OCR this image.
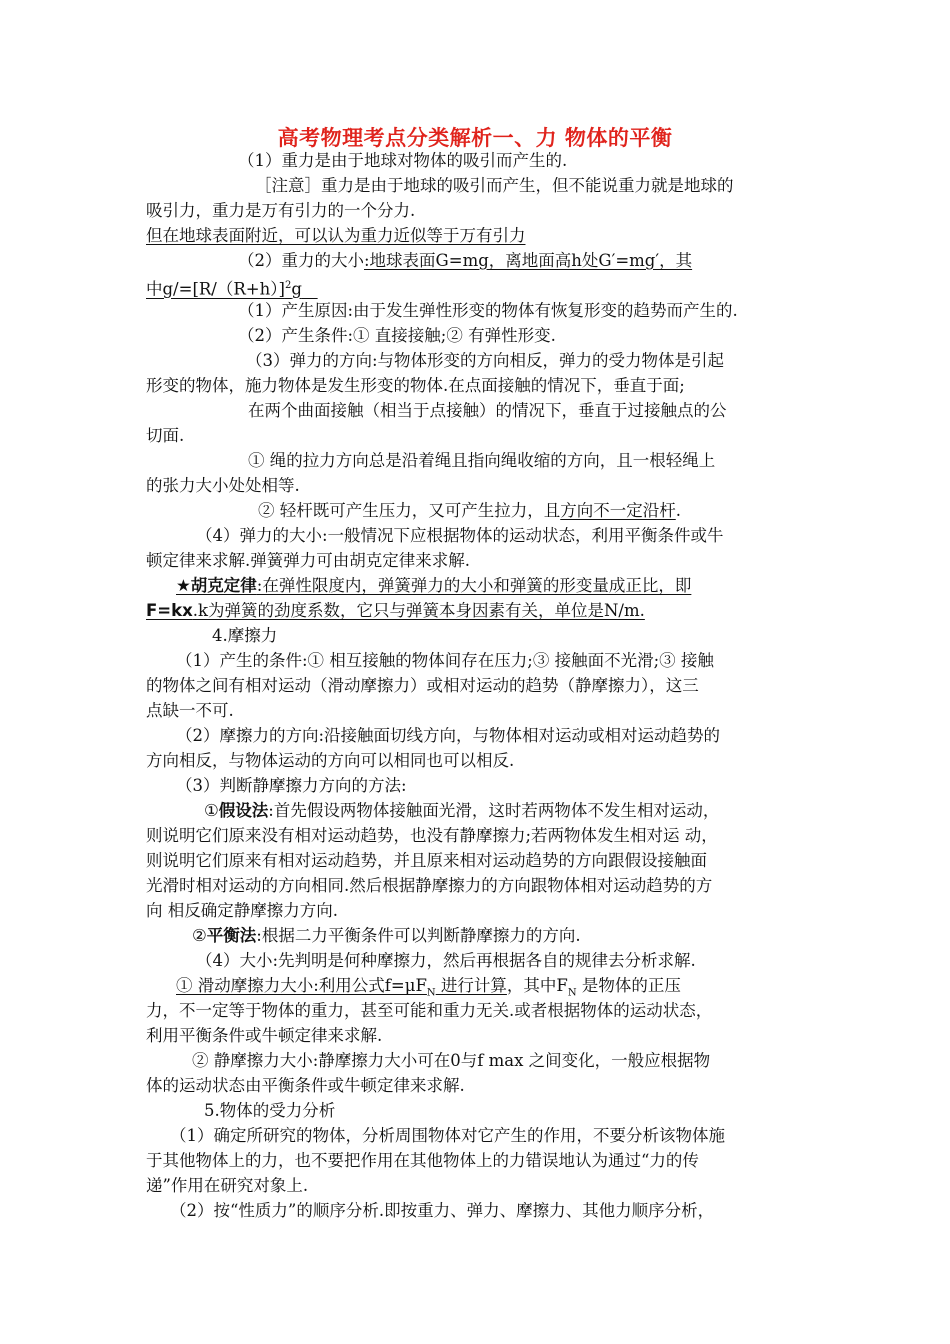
高考物理考点分类解析一、力 物体的平衡
（1）重力是由于地球对物体的吸引而产生的.
［注意］重力是由于地球的吸引而产生，但不能说重力就是地球的
吸引力，重力是万有引力的一个分力.
但在地球表面附近，可以认为重力近似等于万有引力
（2）重力的大小:地球表面G=mg，离地面高h处G′=mg′，其
中$g/=[R/(R+h)]^2g$
（1）产生原因:由于发生弹性形变的物体有恢复形变的趋势而产生的.
（2）产生条件:① 直接接触;② 有弹性形变.
（3）弹力的方向:与物体形变的方向相反，弹力的受力物体是引起
形变的物体，施力物体是发生形变的物体.在点面接触的情况下，垂直于面;
在两个曲面接触（相当于点接触）的情况下，垂直于过接触点的公
切面.
① 绳的拉力方向总是沿着绳且指向绳收缩的方向，且一根轻绳上
的张力大小处处相等.
② 轻杆既可产生压力，又可产生拉力，且方向不一定沿杆.
（4）弹力的大小:一般情况下应根据物体的运动状态，利用平衡条件或牛
顿定律来求解.弹簧弹力可由胡克定律来求解.
★胡克定律:在弹性限度内，弹簧弹力的大小和弹簧的形变量成正比，即
F=kx.k为弹簧的劲度系数，它只与弹簧本身因素有关，单位是N/m.
4.摩擦力
（1）产生的条件:① 相互接触的物体间存在压力;③ 接触面不光滑;③ 接触
的物体之间有相对运动（滑动摩擦力）或相对运动的趋势（静摩擦力），这三
点缺一不可.
（2）摩擦力的方向:沿接触面切线方向，与物体相对运动或相对运动趋势的
方向相反，与物体运动的方向可以相同也可以相反.
（3）判断静摩擦力方向的方法:
①假设法:首先假设两物体接触面光滑，这时若两物体不发生相对运动，
则说明它们原来没有相对运动趋势，也没有静摩擦力;若两物体发生相对运 动，
则说明它们原来有相对运动趋势，并且原来相对运动趋势的方向跟假设接触面
光滑时相对运动的方向相同.然后根据静摩擦力的方向跟物体相对运动趋势的方
向 相反确定静摩擦力方向.
②平衡法:根据二力平衡条件可以判断静摩擦力的方向.
（4）大小:先判明是何种摩擦力，然后再根据各自的规律去分析求解.
① 滑动摩擦力大小:利用公式$f=\mu F_N$ 进行计算，其中$F_N$ 是物体的正压
力，不一定等于物体的重力，甚至可能和重力无关.或者根据物体的运动状态，
利用平衡条件或牛顿定律来求解.
② 静摩擦力大小:静摩擦力大小可在0与f max 之间变化，一般应根据物
体的运动状态由平衡条件或牛顿定律来求解.
5.物体的受力分析
（1）确定所研究的物体，分析周围物体对它产生的作用，不要分析该物体施
于其他物体上的力，也不要把作用在其他物体上的力错误地认为通过“力的传
递”作用在研究对象上.
（2）按“性质力”的顺序分析.即按重力、弹力、摩擦力、其他力顺序分析，
